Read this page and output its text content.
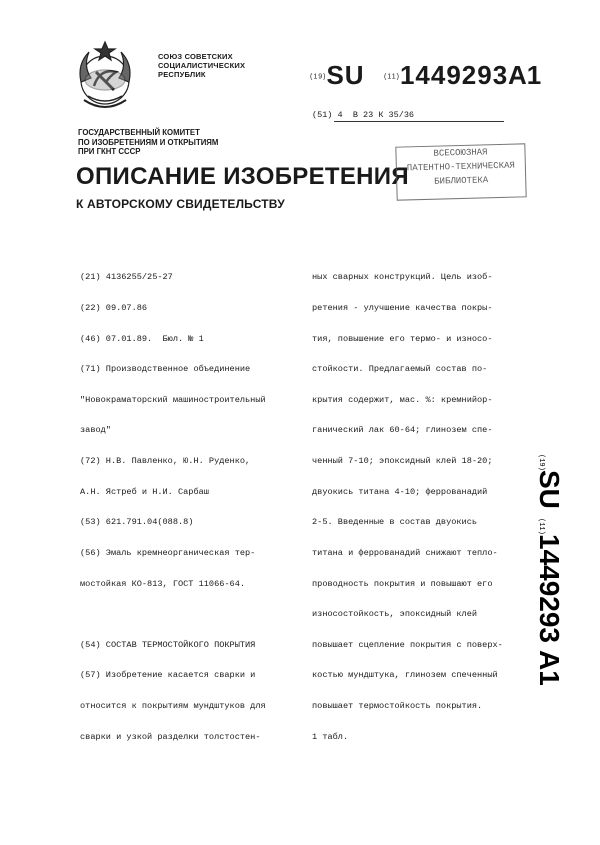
СОЮЗ СОВЕТСКИХ
СОЦИАЛИСТИЧЕСКИХ
РЕСПУБЛИК	(19)SU	(11)1449293 A1
(51) 4 В 23 К 35/36
ГОСУДАРСТВЕННЫЙ КОМИТЕТ
ПО ИЗОБРЕТЕНИЯМ И ОТКРЫТИЯМ
ПРИ ГКНТ СССР
ОПИСАНИЕ ИЗОБРЕТЕНИЯ
К АВТОРСКОМУ СВИДЕТЕЛЬСТВУ
ВСЕСОЮЗНАЯ
ПАТЕНТНО-ТЕХНИЧЕСКАЯ
БИБЛИОТЕКА

(21) 4136255/25-27

(22) 09.07.86

(46) 07.01.89.  Бюл. № 1

(71) Производственное объединение

"Новокраматорский машиностроительный

завод"

(72) Н.В. Павленко, Ю.Н. Руденко,

А.Н. Ястреб и Н.И. Сарбаш

(53) 621.791.04(088.8)

(56) Эмаль кремнеорганическая тер-

мостойкая КО-813, ГОСТ 11066-64.

(54) СОСТАВ ТЕРМОСТОЙКОГО ПОКРЫТИЯ

(57) Изобретение касается сварки и

относится к покрытиям мундштуков для

сварки и узкой разделки толстостен-

ных сварных конструкций. Цель изоб-

ретения - улучшение качества покры-

тия, повышение его термо- и износо-

стойкости. Предлагаемый состав по-

крытия содержит, мас. %: кремнийор-

ганический лак 60-64; глинозем спе-

ченный 7-10; эпоксидный клей 18-20;

двуокись титана 4-10; феррованадий

2-5. Введенные в состав двуокись

титана и феррованадий снижают тепло-

проводность покрытия и повышают его

износостойкость, эпоксидный клей

повышает сцепление покрытия с поверх-

костью мундштука, глинозем спеченный

повышает термостойкость покрытия.

1 табл.

(19)
SU
(11)
1449293
A1
